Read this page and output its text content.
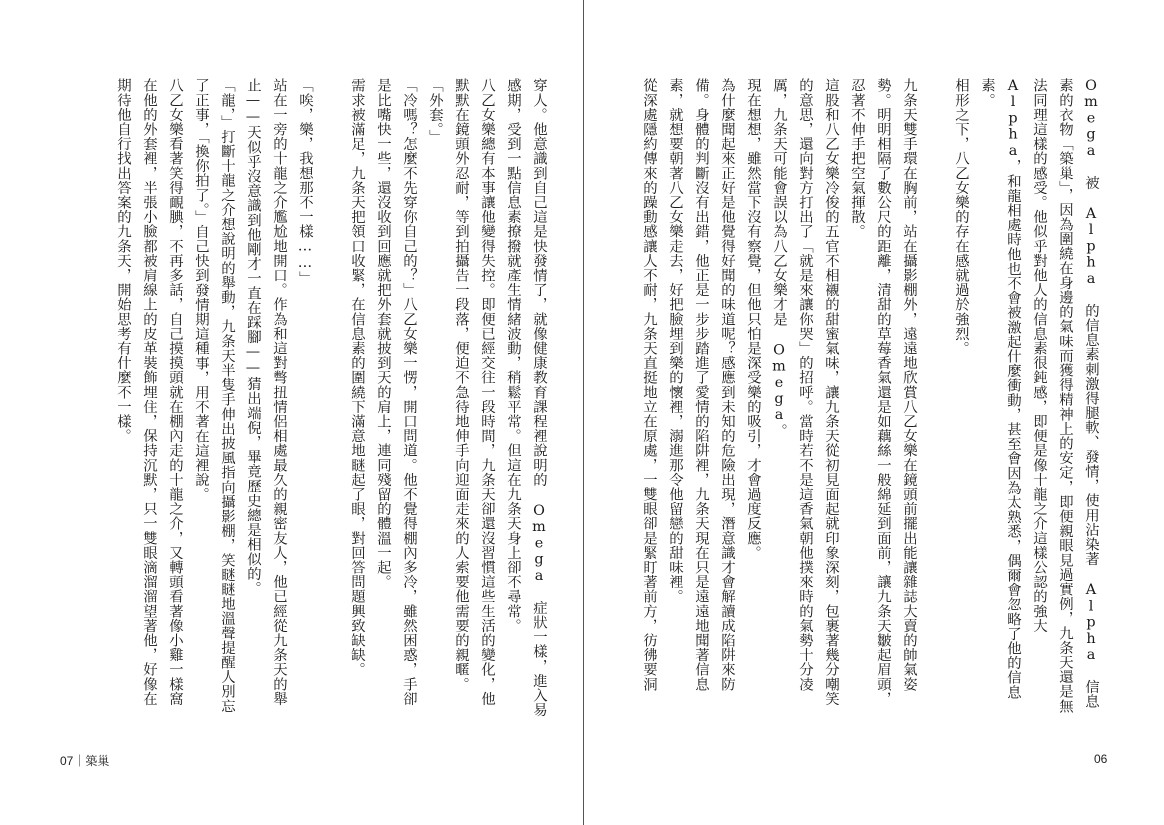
穿人。他意識到自己這是快發情了，就像健康教育課程裡說明的 Omega 症狀一樣，進入易感期，受到一點信息素撩撥就產生情緒波動，稍鬆平常。但這在九条天身上卻不尋常。
八乙女樂總有本事讓他變得失控。即便已經交往一段時間，九条天卻還沒習慣這些生活的變化，他默默在鏡頭外忍耐，等到拍攝告一段落，便迫不急待地伸手向迎面走來的人索要他需要的親暱。
「外套。」
「冷嗎？怎麼不先穿你自己的？」八乙女樂一愣，開口問道。他不覺得棚內多冷，雖然困惑，手卻是比嘴快一些，還沒收到回應就把外套就披到天的肩上，連同殘留的體溫一起。
需求被滿足，九条天把領口收緊，在信息素的圍繞下滿意地瞇起了眼，對回答問題興致缺缺。

「唉，樂，我想那不一樣……」
站在一旁的十龍之介尷尬地開口。作為和這對彆扭情侶相處最久的親密友人，他已經從九条天的舉止——天似乎沒意識到他剛才一直在踩腳——猜出端倪，畢竟歷史總是相似的。
「龍，」打斷十龍之介想說明的舉動，九条天半隻手伸出披風指向攝影棚，笑瞇瞇地溫聲提醒人別忘了正事，「換你拍了。」自己快到發情期這種事，用不著在這裡說。
八乙女樂看著笑得靦腆，不再多話，自己摸摸頭就在棚內走的十龍之介，又轉頭看著像小雞一樣窩在他的外套裡，半張小臉都被肩線上的皮革裝飾埋住，保持沉默，只一雙眼滴溜溜望著他，好像在期待他自行找出答案的九条天，開始思考有什麼不一樣。
07｜築巢
Omega 被 Alpha 的信息素刺激得腿軟、發情，使用沾染著 Alpha 信息素的衣物「築巢」，因為圍繞在身邊的氣味而獲得精神上的安定，即便親眼見過實例，九条天還是無法同理這樣的感受。他似乎對他人的信息素很鈍感，即便是像十龍之介這樣公認的強大 Alpha，和龍相處時他也不會被激起什麼衝動，甚至會因為太熟悉，偶爾會忽略了他的信息素。
相形之下，八乙女樂的存在感就過於強烈。

九条天雙手環在胸前，站在攝影棚外，遠遠地欣賞八乙女樂在鏡頭前擺出能讓雜誌大賣的帥氣姿勢。明明相隔了數公尺的距離，清甜的草莓香氣還是如藕絲一般綿延到面前，讓九条天皺起眉頭，忍著不伸手把空氣揮散。
這股和八乙女樂冷俊的五官不相襯的甜蜜氣味，讓九条天從初見面起就印象深刻，包裹著幾分嘲笑的意思，還向對方打出了「就是來讓你哭」的招呼。當時若不是這香氣朝他撲來時的氣勢十分凌厲，九条天可能會誤以為八乙女樂才是 Omega。
現在想想，雖然當下沒有察覺，但他只怕是深受樂的吸引，才會過度反應。
為什麼聞起來正好是他覺得好聞的味道呢？感應到未知的危險出現，潛意識才會解讀成陷阱來防備。身體的判斷沒有出錯，他正是一步步踏進了愛情的陷阱裡，九条天現在只是遠遠地聞著信息素，就想要朝著八乙女樂走去，好把臉埋到樂的懷裡，溺進那令他留戀的甜味裡。
從深處隱約傳來的躁動感讓人不耐，九条天直挺地立在原處，一雙眼卻是緊盯著前方，彷彿要洞
06
